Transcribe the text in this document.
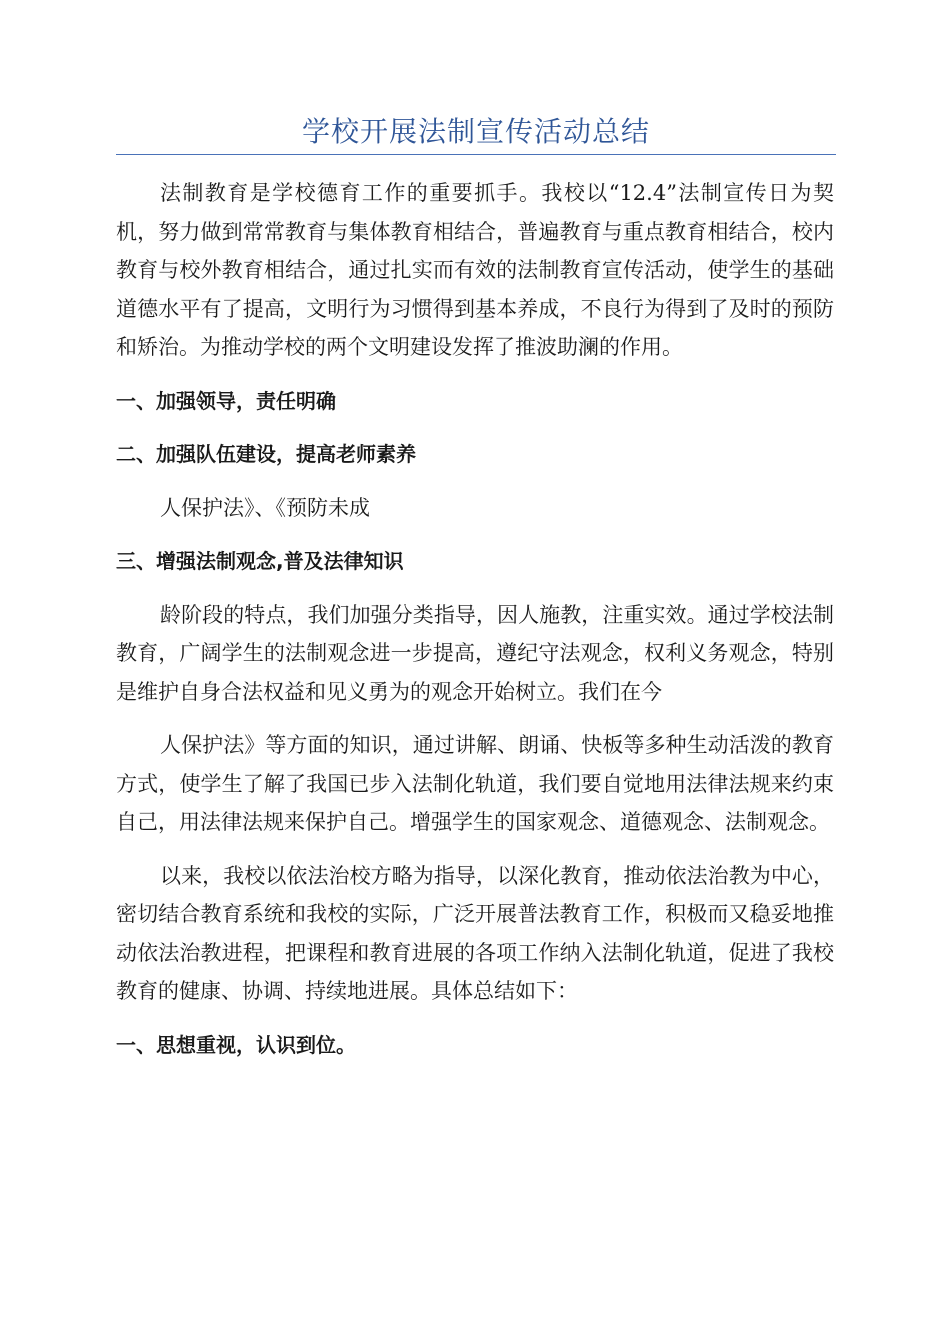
学校开展法制宣传活动总结

法制教育是学校德育工作的重要抓手。我校以“12.4”法制宣传日为契机，努力做到常常教育与集体教育相结合，普遍教育与重点教育相结合，校内教育与校外教育相结合，通过扎实而有效的法制教育宣传活动，使学生的基础道德水平有了提高，文明行为习惯得到基本养成，不良行为得到了及时的预防和矫治。为推动学校的两个文明建设发挥了推波助澜的作用。

一、加强领导，责任明确

二、加强队伍建设，提高老师素养

人保护法》、《预防未成

三、增强法制观念,普及法律知识

龄阶段的特点，我们加强分类指导，因人施教，注重实效。通过学校法制教育，广阔学生的法制观念进一步提高，遵纪守法观念，权利义务观念，特别是维护自身合法权益和见义勇为的观念开始树立。我们在今

人保护法》等方面的知识，通过讲解、朗诵、快板等多种生动活泼的教育方式，使学生了解了我国已步入法制化轨道，我们要自觉地用法律法规来约束自己，用法律法规来保护自己。增强学生的国家观念、道德观念、法制观念。

以来，我校以依法治校方略为指导，以深化教育，推动依法治教为中心，密切结合教育系统和我校的实际，广泛开展普法教育工作，积极而又稳妥地推动依法治教进程，把课程和教育进展的各项工作纳入法制化轨道，促进了我校教育的健康、协调、持续地进展。具体总结如下：

一、思想重视，认识到位。
